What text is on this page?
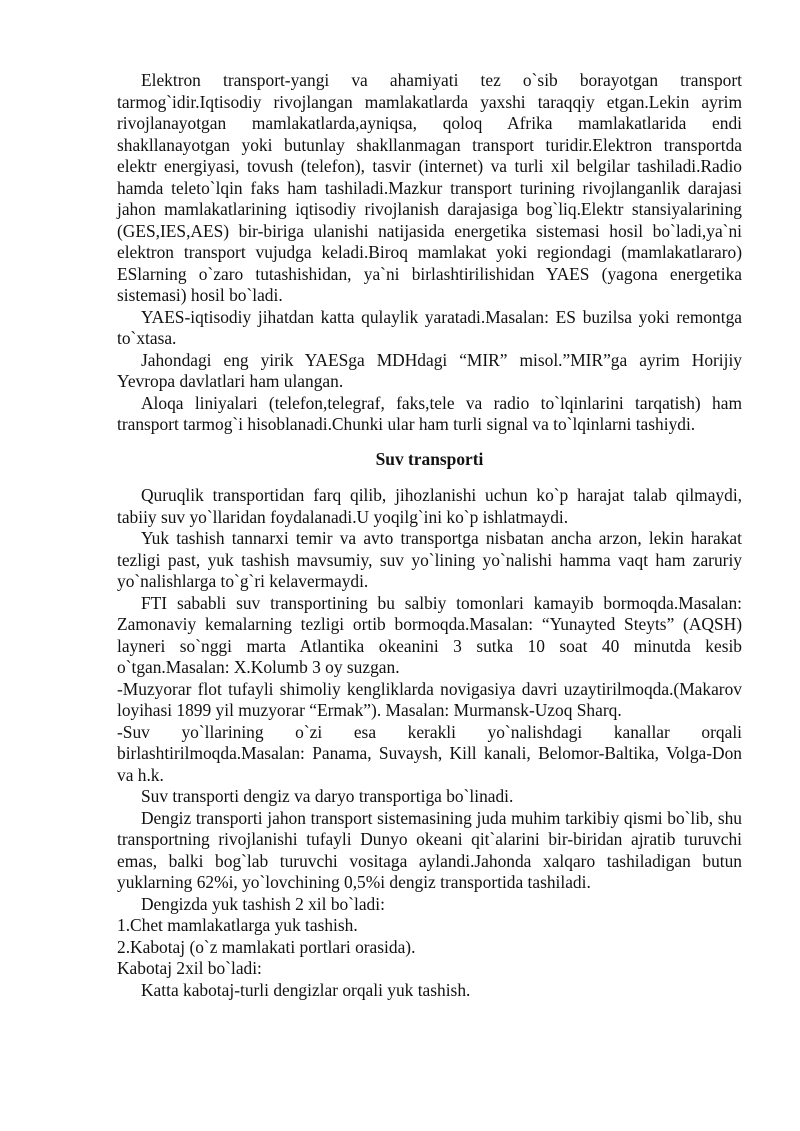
Elektron transport-yangi va ahamiyati tez o`sib borayotgan transport tarmog`idir.Iqtisodiy rivojlangan mamlakatlarda yaxshi taraqqiy etgan.Lekin ayrim rivojlanayotgan mamlakatlarda,ayniqsa, qoloq Afrika mamlakatlarida endi shakllanayotgan yoki butunlay shakllanmagan transport turidir.Elektron transportda elektr energiyasi, tovush (telefon), tasvir (internet) va turli xil belgilar tashiladi.Radio hamda teleto`lqin faks ham tashiladi.Mazkur transport turining rivojlanganlik darajasi jahon mamlakatlarining iqtisodiy rivojlanish darajasiga bog`liq.Elektr stansiyalarining (GES,IES,AES) bir-biriga ulanishi natijasida energetika sistemasi hosil bo`ladi,ya`ni elektron transport vujudga keladi.Biroq mamlakat yoki regiondagi (mamlakatlararo) ESlarning o`zaro tutashishidan, ya`ni birlashtirilishidan YAES (yagona energetika sistemasi) hosil bo`ladi.

YAES-iqtisodiy jihatdan katta qulaylik yaratadi.Masalan: ES buzilsa yoki remontga to`xtasa.

Jahondagi eng yirik YAESga MDHdagi “MIR” misol.”MIR”ga ayrim Horijiy Yevropa davlatlari ham ulangan.

Aloqa liniyalari (telefon,telegraf, faks,tele va radio to`lqinlarini tarqatish) ham transport tarmog`i hisoblanadi.Chunki ular ham turli signal va to`lqinlarni tashiydi.

Suv transporti

Quruqlik transportidan farq qilib, jihozlanishi uchun ko`p harajat talab qilmaydi, tabiiy suv yo`llaridan foydalanadi.U yoqilg`ini ko`p ishlatmaydi.

Yuk tashish tannarxi temir va avto transportga nisbatan ancha arzon, lekin harakat tezligi past, yuk tashish mavsumiy, suv yo`lining yo`nalishi hamma vaqt ham zaruriy yo`nalishlarga to`g`ri kelavermaydi.

FTI sababli suv transportining bu salbiy tomonlari kamayib bormoqda.Masalan: Zamonaviy kemalarning tezligi ortib bormoqda.Masalan: “Yunayted Steyts” (AQSH) layneri so`nggi marta Atlantika okeanini 3 sutka 10 soat 40 minutda kesib o`tgan.Masalan: X.Kolumb 3 oy suzgan.

-Muzyorar flot tufayli shimoliy kengliklarda novigasiya davri uzaytirilmoqda.(Makarov loyihasi 1899 yil muzyorar “Ermak”). Masalan: Murmansk-Uzoq Sharq.

-Suv yo`llarining o`zi esa kerakli yo`nalishdagi kanallar orqali birlashtirilmoqda.Masalan: Panama, Suvaysh, Kill kanali, Belomor-Baltika, Volga-Don va h.k.

Suv transporti dengiz va daryo transportiga bo`linadi.

Dengiz transporti jahon transport sistemasining juda muhim tarkibiy qismi bo`lib, shu transportning rivojlanishi tufayli Dunyo okeani qit`alarini bir-biridan ajratib turuvchi emas, balki bog`lab turuvchi vositaga aylandi.Jahonda xalqaro tashiladigan butun yuklarning 62%i, yo`lovchining 0,5%i dengiz transportida tashiladi.

Dengizda yuk tashish 2 xil bo`ladi:

1.Chet mamlakatlarga yuk tashish.

2.Kabotaj (o`z mamlakati portlari orasida).

Kabotaj 2xil bo`ladi:

Katta kabotaj-turli dengizlar orqali yuk tashish.
